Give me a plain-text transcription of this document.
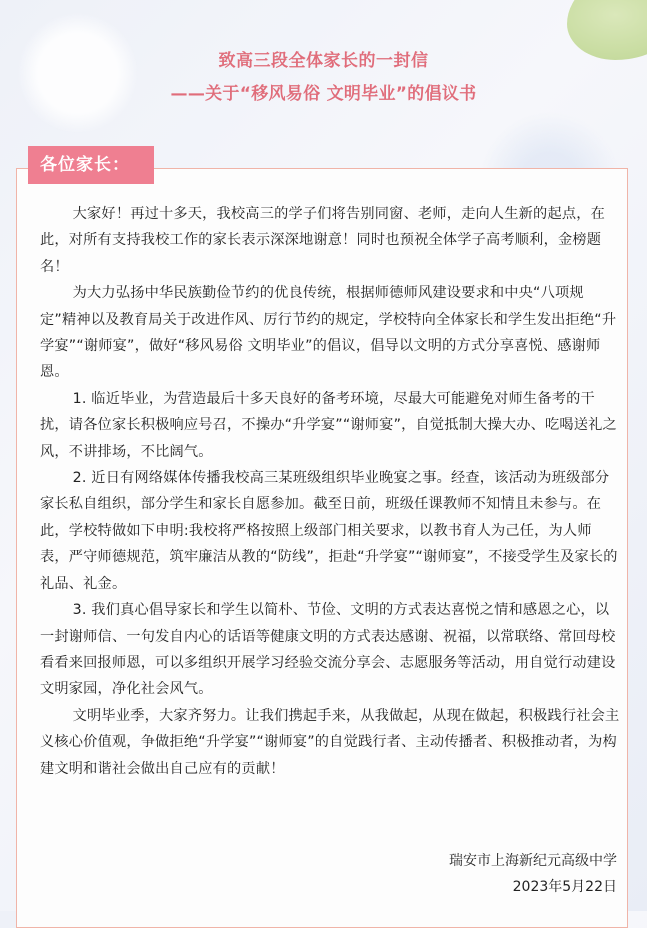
致高三段全体家长的一封信
——关于“移风易俗 文明毕业”的倡议书
各位家长：

大家好！再过十多天，我校高三的学子们将告别同窗、老师，走向人生新的起点，在此，对所有支持我校工作的家长表示深深地谢意！同时也预祝全体学子高考顺利，金榜题名！

为大力弘扬中华民族勤俭节约的优良传统，根据师德师风建设要求和中央“八项规定”精神以及教育局关于改进作风、厉行节约的规定，学校特向全体家长和学生发出拒绝“升学宴”“谢师宴”，做好“移风易俗 文明毕业”的倡议，倡导以文明的方式分享喜悦、感谢师恩。

1. 临近毕业，为营造最后十多天良好的备考环境，尽最大可能避免对师生备考的干扰，请各位家长积极响应号召，不操办“升学宴”“谢师宴”，自觉抵制大操大办、吃喝送礼之风，不讲排场，不比阔气。

2. 近日有网络媒体传播我校高三某班级组织毕业晚宴之事。经查，该活动为班级部分家长私自组织，部分学生和家长自愿参加。截至日前，班级任课教师不知情且未参与。在此，学校特做如下申明:我校将严格按照上级部门相关要求，以教书育人为己任，为人师表，严守师德规范，筑牢廉洁从教的“防线”，拒赴“升学宴”“谢师宴”，不接受学生及家长的礼品、礼金。

3. 我们真心倡导家长和学生以简朴、节俭、文明的方式表达喜悦之情和感恩之心，以一封谢师信、一句发自内心的话语等健康文明的方式表达感谢、祝福，以常联络、常回母校看看来回报师恩，可以多组织开展学习经验交流分享会、志愿服务等活动，用自觉行动建设文明家园，净化社会风气。

文明毕业季，大家齐努力。让我们携起手来，从我做起，从现在做起，积极践行社会主义核心价值观，争做拒绝“升学宴”“谢师宴”的自觉践行者、主动传播者、积极推动者，为构建文明和谐社会做出自己应有的贡献！

瑞安市上海新纪元高级中学
2023年5月22日
